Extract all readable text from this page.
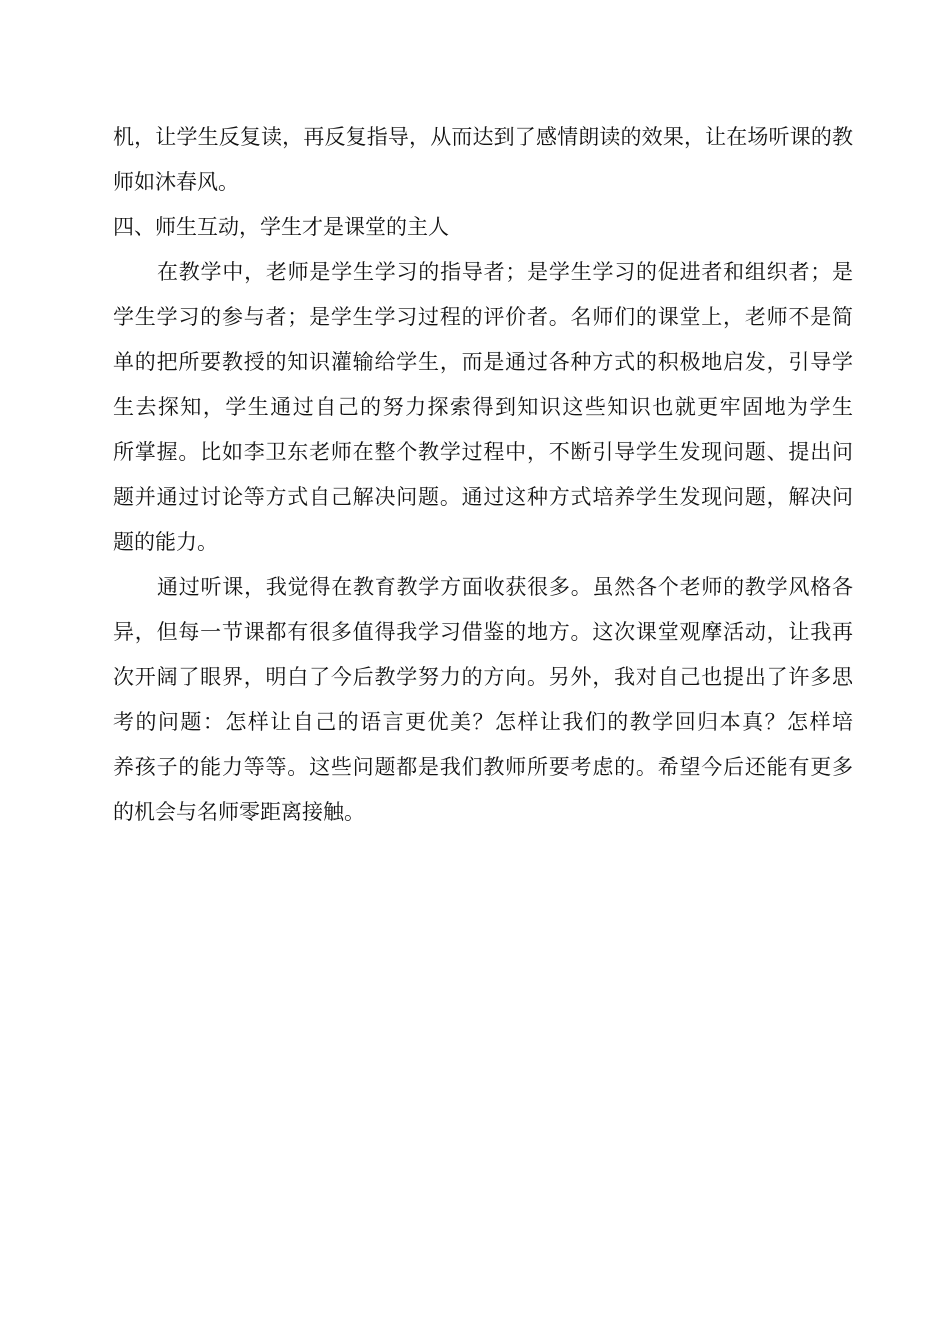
机，让学生反复读，再反复指导，从而达到了感情朗读的效果，让在场听课的教
师如沐春风。
四、师生互动，学生才是课堂的主人
在教学中，老师是学生学习的指导者；是学生学习的促进者和组织者；是
学生学习的参与者；是学生学习过程的评价者。名师们的课堂上，老师不是简
单的把所要教授的知识灌输给学生，而是通过各种方式的积极地启发，引导学
生去探知，学生通过自己的努力探索得到知识这些知识也就更牢固地为学生
所掌握。比如李卫东老师在整个教学过程中，不断引导学生发现问题、提出问
题并通过讨论等方式自己解决问题。通过这种方式培养学生发现问题，解决问
题的能力。
通过听课，我觉得在教育教学方面收获很多。虽然各个老师的教学风格各
异，但每一节课都有很多值得我学习借鉴的地方。这次课堂观摩活动，让我再
次开阔了眼界，明白了今后教学努力的方向。另外，我对自己也提出了许多思
考的问题：怎样让自己的语言更优美？怎样让我们的教学回归本真？怎样培
养孩子的能力等等。这些问题都是我们教师所要考虑的。希望今后还能有更多
的机会与名师零距离接触。
